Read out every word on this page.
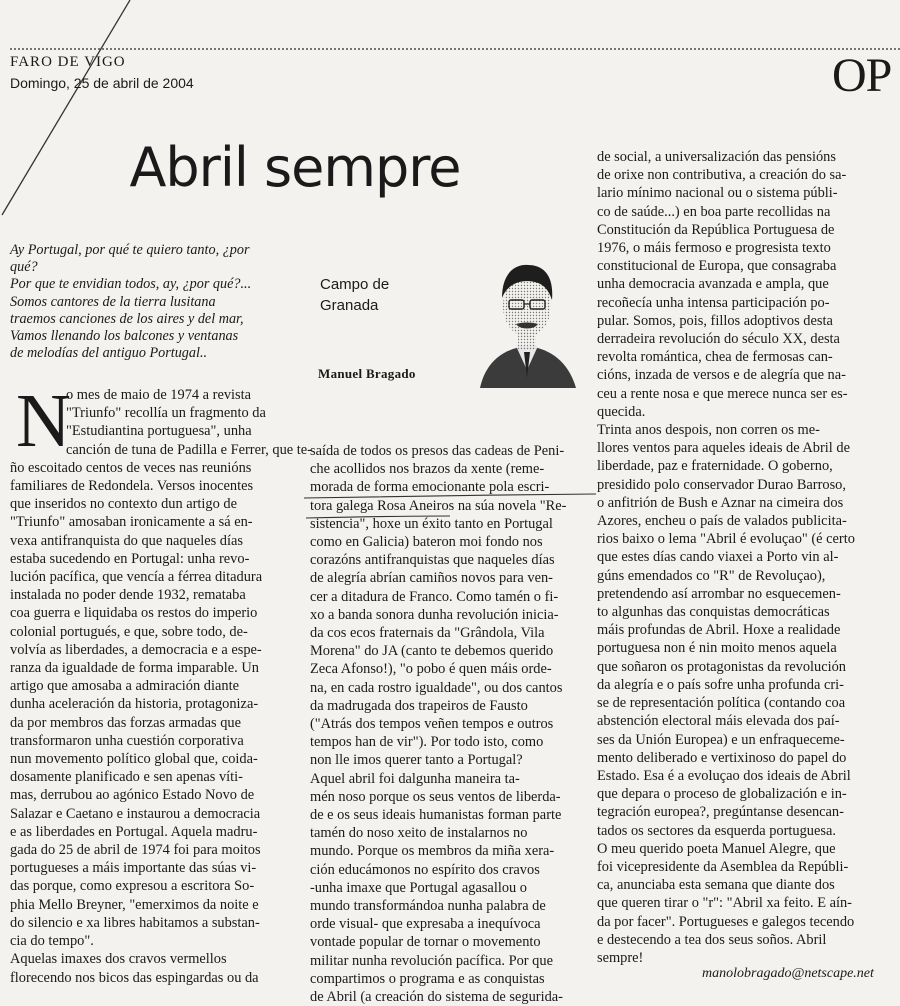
FARO DE VIGO
Domingo, 25 de abril de 2004	OP
Abril sempre
Ay Portugal, por qué te quiero tanto, ¿por
qué?
Por que te envidian todos, ay, ¿por qué?...
Somos cantores de la tierra lusitana
traemos canciones de los aires y del mar,
Vamos llenando los balcones y ventanas
de melodías del antiguo Portugal..
Campo de
Granada
Manuel Bragado
N
o mes de maio de 1974 a revista
"Triunfo" recollía un fragmento da
"Estudiantina portuguesa", unha
canción de tuna de Padilla e Ferrer, que te-
ño escoitado centos de veces nas reunións
familiares de Redondela. Versos inocentes
que inseridos no contexto dun artigo de
"Triunfo" amosaban ironicamente a sá en-
vexa antifranquista do que naqueles días
estaba sucedendo en Portugal: unha revo-
lución pacífica, que vencía a férrea ditadura
instalada no poder dende 1932, remataba
coa guerra e liquidaba os restos do imperio
colonial portugués, e que, sobre todo, de-
volvía as liberdades, a democracia e a espe-
ranza da igualdade de forma imparable. Un
artigo que amosaba a admiración diante
dunha aceleración da historia, protagoniza-
da por membros das forzas armadas que
transformaron unha cuestión corporativa
nun movemento político global que, coida-
dosamente planificado e sen apenas víti-
mas, derrubou ao agónico Estado Novo de
Salazar e Caetano e instaurou a democracia
e as liberdades en Portugal. Aquela madru-
gada do 25 de abril de 1974 foi para moitos
portugueses a máis importante das súas vi-
das porque, como expresou a escritora So-
phia Mello Breyner, "emerximos da noite e
do silencio e xa libres habitamos a substan-
cia do tempo".
Aquelas imaxes dos cravos vermellos
florecendo nos bicos das espingardas ou da
saída de todos os presos das cadeas de Peni-
che acollidos nos brazos da xente (reme-
morada de forma emocionante pola escri-
tora galega Rosa Aneiros na súa novela "Re-
sistencia", hoxe un éxito tanto en Portugal
como en Galicia) bateron moi fondo nos
corazóns antifranquistas que naqueles días
de alegría abrían camiños novos para ven-
cer a ditadura de Franco. Como tamén o fi-
xo a banda sonora dunha revolución inicia-
da cos ecos fraternais da "Grândola, Vila
Morena" do JA (canto te debemos querido
Zeca Afonso!), "o pobo é quen máis orde-
na, en cada rostro igualdade", ou dos cantos
da madrugada dos trapeiros de Fausto
("Atrás dos tempos veñen tempos e outros
tempos han de vir"). Por todo isto, como
non lle imos querer tanto a Portugal?
Aquel abril foi dalgunha maneira ta-
mén noso porque os seus ventos de liberda-
de e os seus ideais humanistas forman parte
tamén do noso xeito de instalarnos no
mundo. Porque os membros da miña xera-
ción educámonos no espírito dos cravos
-unha imaxe que Portugal agasallou o
mundo transformándoa nunha palabra de
orde visual- que expresaba a inequívoca
vontade popular de tornar o movemento
militar nunha revolución pacífica. Por que
compartimos o programa e as conquistas
de Abril (a creación do sistema de segurida-
de social, a universalización das pensións
de orixe non contributiva, a creación do sa-
lario mínimo nacional ou o sistema públi-
co de saúde...) en boa parte recollidas na
Constitución da República Portuguesa de
1976, o máis fermoso e progresista texto
constitucional de Europa, que consagraba
unha democracia avanzada e ampla, que
recoñecía unha intensa participación po-
pular. Somos, pois, fillos adoptivos desta
derradeira revolución do século XX, desta
revolta romántica, chea de fermosas can-
cións, inzada de versos e de alegría que na-
ceu a rente nosa e que merece nunca ser es-
quecida.
Trinta anos despois, non corren os me-
llores ventos para aqueles ideais de Abril de
liberdade, paz e fraternidade. O goberno,
presidido polo conservador Durao Barroso,
o anfitrión de Bush e Aznar na cimeira dos
Azores, encheu o país de valados publicita-
rios baixo o lema "Abril é evoluçao" (é certo
que estes días cando viaxei a Porto vin al-
gúns emendados co "R" de Revoluçao),
pretendendo así arrombar no esquecemen-
to algunhas das conquistas democráticas
máis profundas de Abril. Hoxe a realidade
portuguesa non é nin moito menos aquela
que soñaron os protagonistas da revolución
da alegría e o país sofre unha profunda cri-
se de representación política (contando coa
abstención electoral máis elevada dos paí-
ses da Unión Europea) e un enfraqueceme-
mento deliberado e vertixinoso do papel do
Estado. Esa é a evoluçao dos ideais de Abril
que depara o proceso de globalización e in-
tegración europea?, pregúntanse desencan-
tados os sectores da esquerda portuguesa.
O meu querido poeta Manuel Alegre, que
foi vicepresidente da Asemblea da Repúbli-
ca, anunciaba esta semana que diante dos
que queren tirar o "r": "Abril xa feito. E aín-
da por facer". Portugueses e galegos tecendo
e destecendo a tea dos seus soños. Abril
sempre!
manolobragado@netscape.net
